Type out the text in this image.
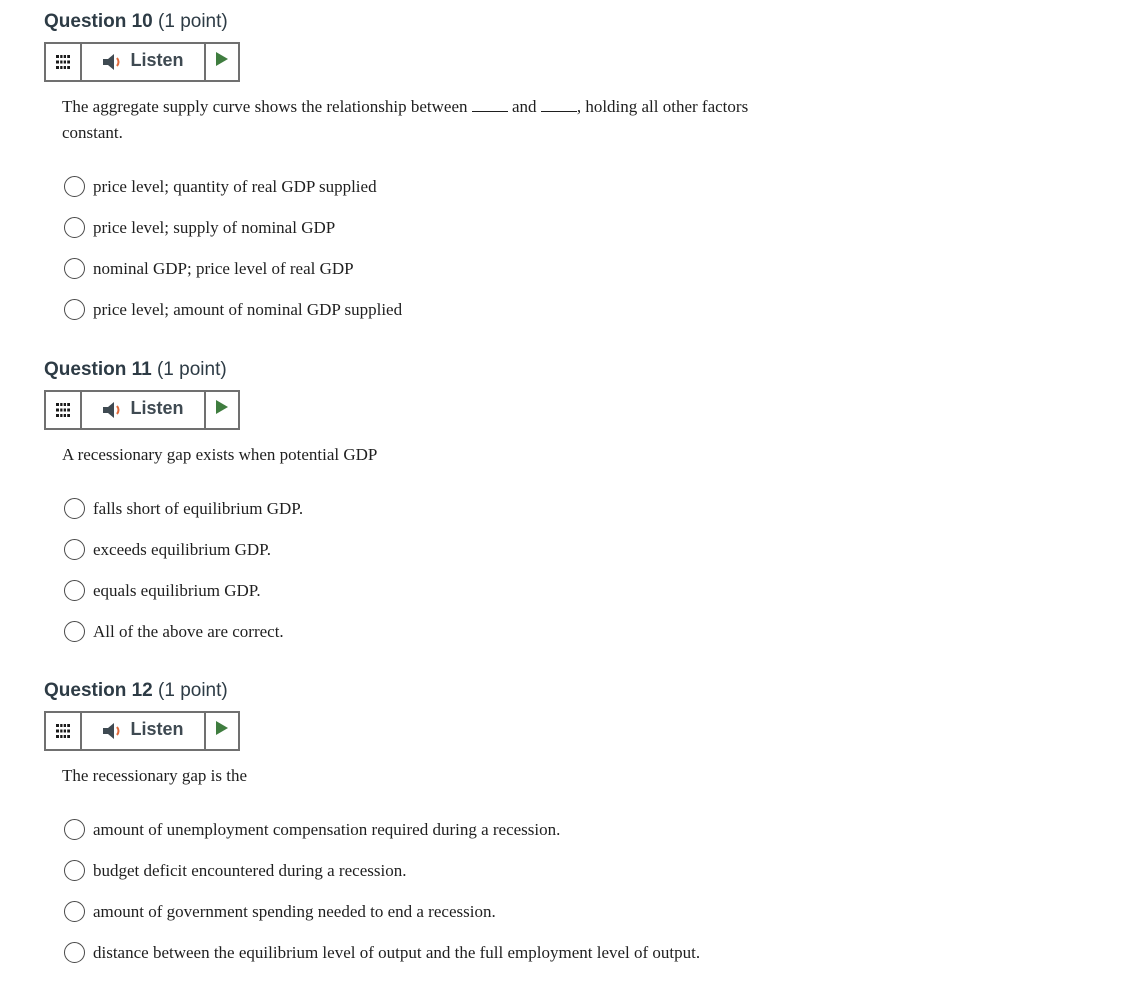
Question 10 (1 point)
Listen
The aggregate supply curve shows the relationship between	and , holding all other factors constant.
price level; quantity of real GDP supplied
price level; supply of nominal GDP
nominal GDP; price level of real GDP
price level; amount of nominal GDP supplied
Question 11 (1 point)
Listen
A recessionary gap exists when potential GDP
falls short of equilibrium GDP.
exceeds equilibrium GDP.
equals equilibrium GDP.
All of the above are correct.
Question 12 (1 point)
Listen
The recessionary gap is the
amount of unemployment compensation required during a recession.
budget deficit encountered during a recession.
amount of government spending needed to end a recession.
distance between the equilibrium level of output and the full employment level of output.
